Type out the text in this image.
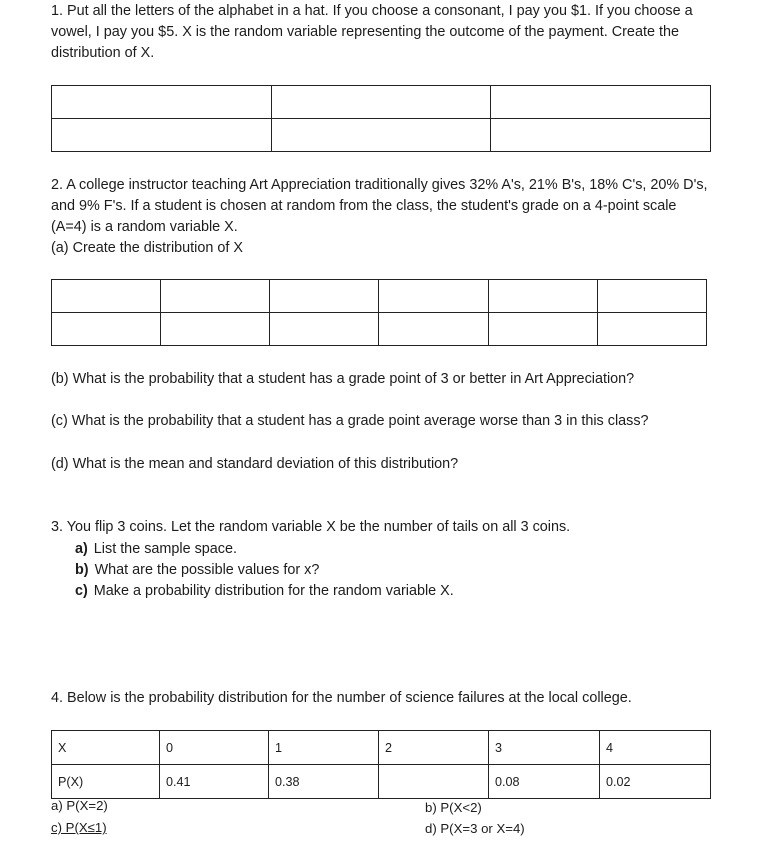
1. Put all the letters of the alphabet in a hat. If you choose a consonant, I pay you $1. If you choose a vowel, I pay you $5. X is the random variable representing the outcome of the payment. Create the distribution of X.

2. A college instructor teaching Art Appreciation traditionally gives 32% A's, 21% B's, 18% C's, 20% D's, and 9% F's. If a student is chosen at random from the class, the student's grade on a 4-point scale (A=4) is a random variable X.

(a) Create the distribution of X

(b) What is the probability that a student has a grade point of 3 or better in Art Appreciation?
(c) What is the probability that a student has a grade point average worse than 3 in this class?
(d) What is the mean and standard deviation of this distribution?
3. You flip 3 coins. Let the random variable X be the number of tails on all 3 coins.
a) List the sample space.
b) What are the possible values for x?
c) Make a probability distribution for the random variable X.
4. Below is the probability distribution for the number of science failures at the local college.
X	0	1	2	3	4
P(X)	0.41	0.38		0.08	0.02
a) P(X=2)	b) P(X<2)
c) P(X≤1)	d) P(X=3 or X=4)
